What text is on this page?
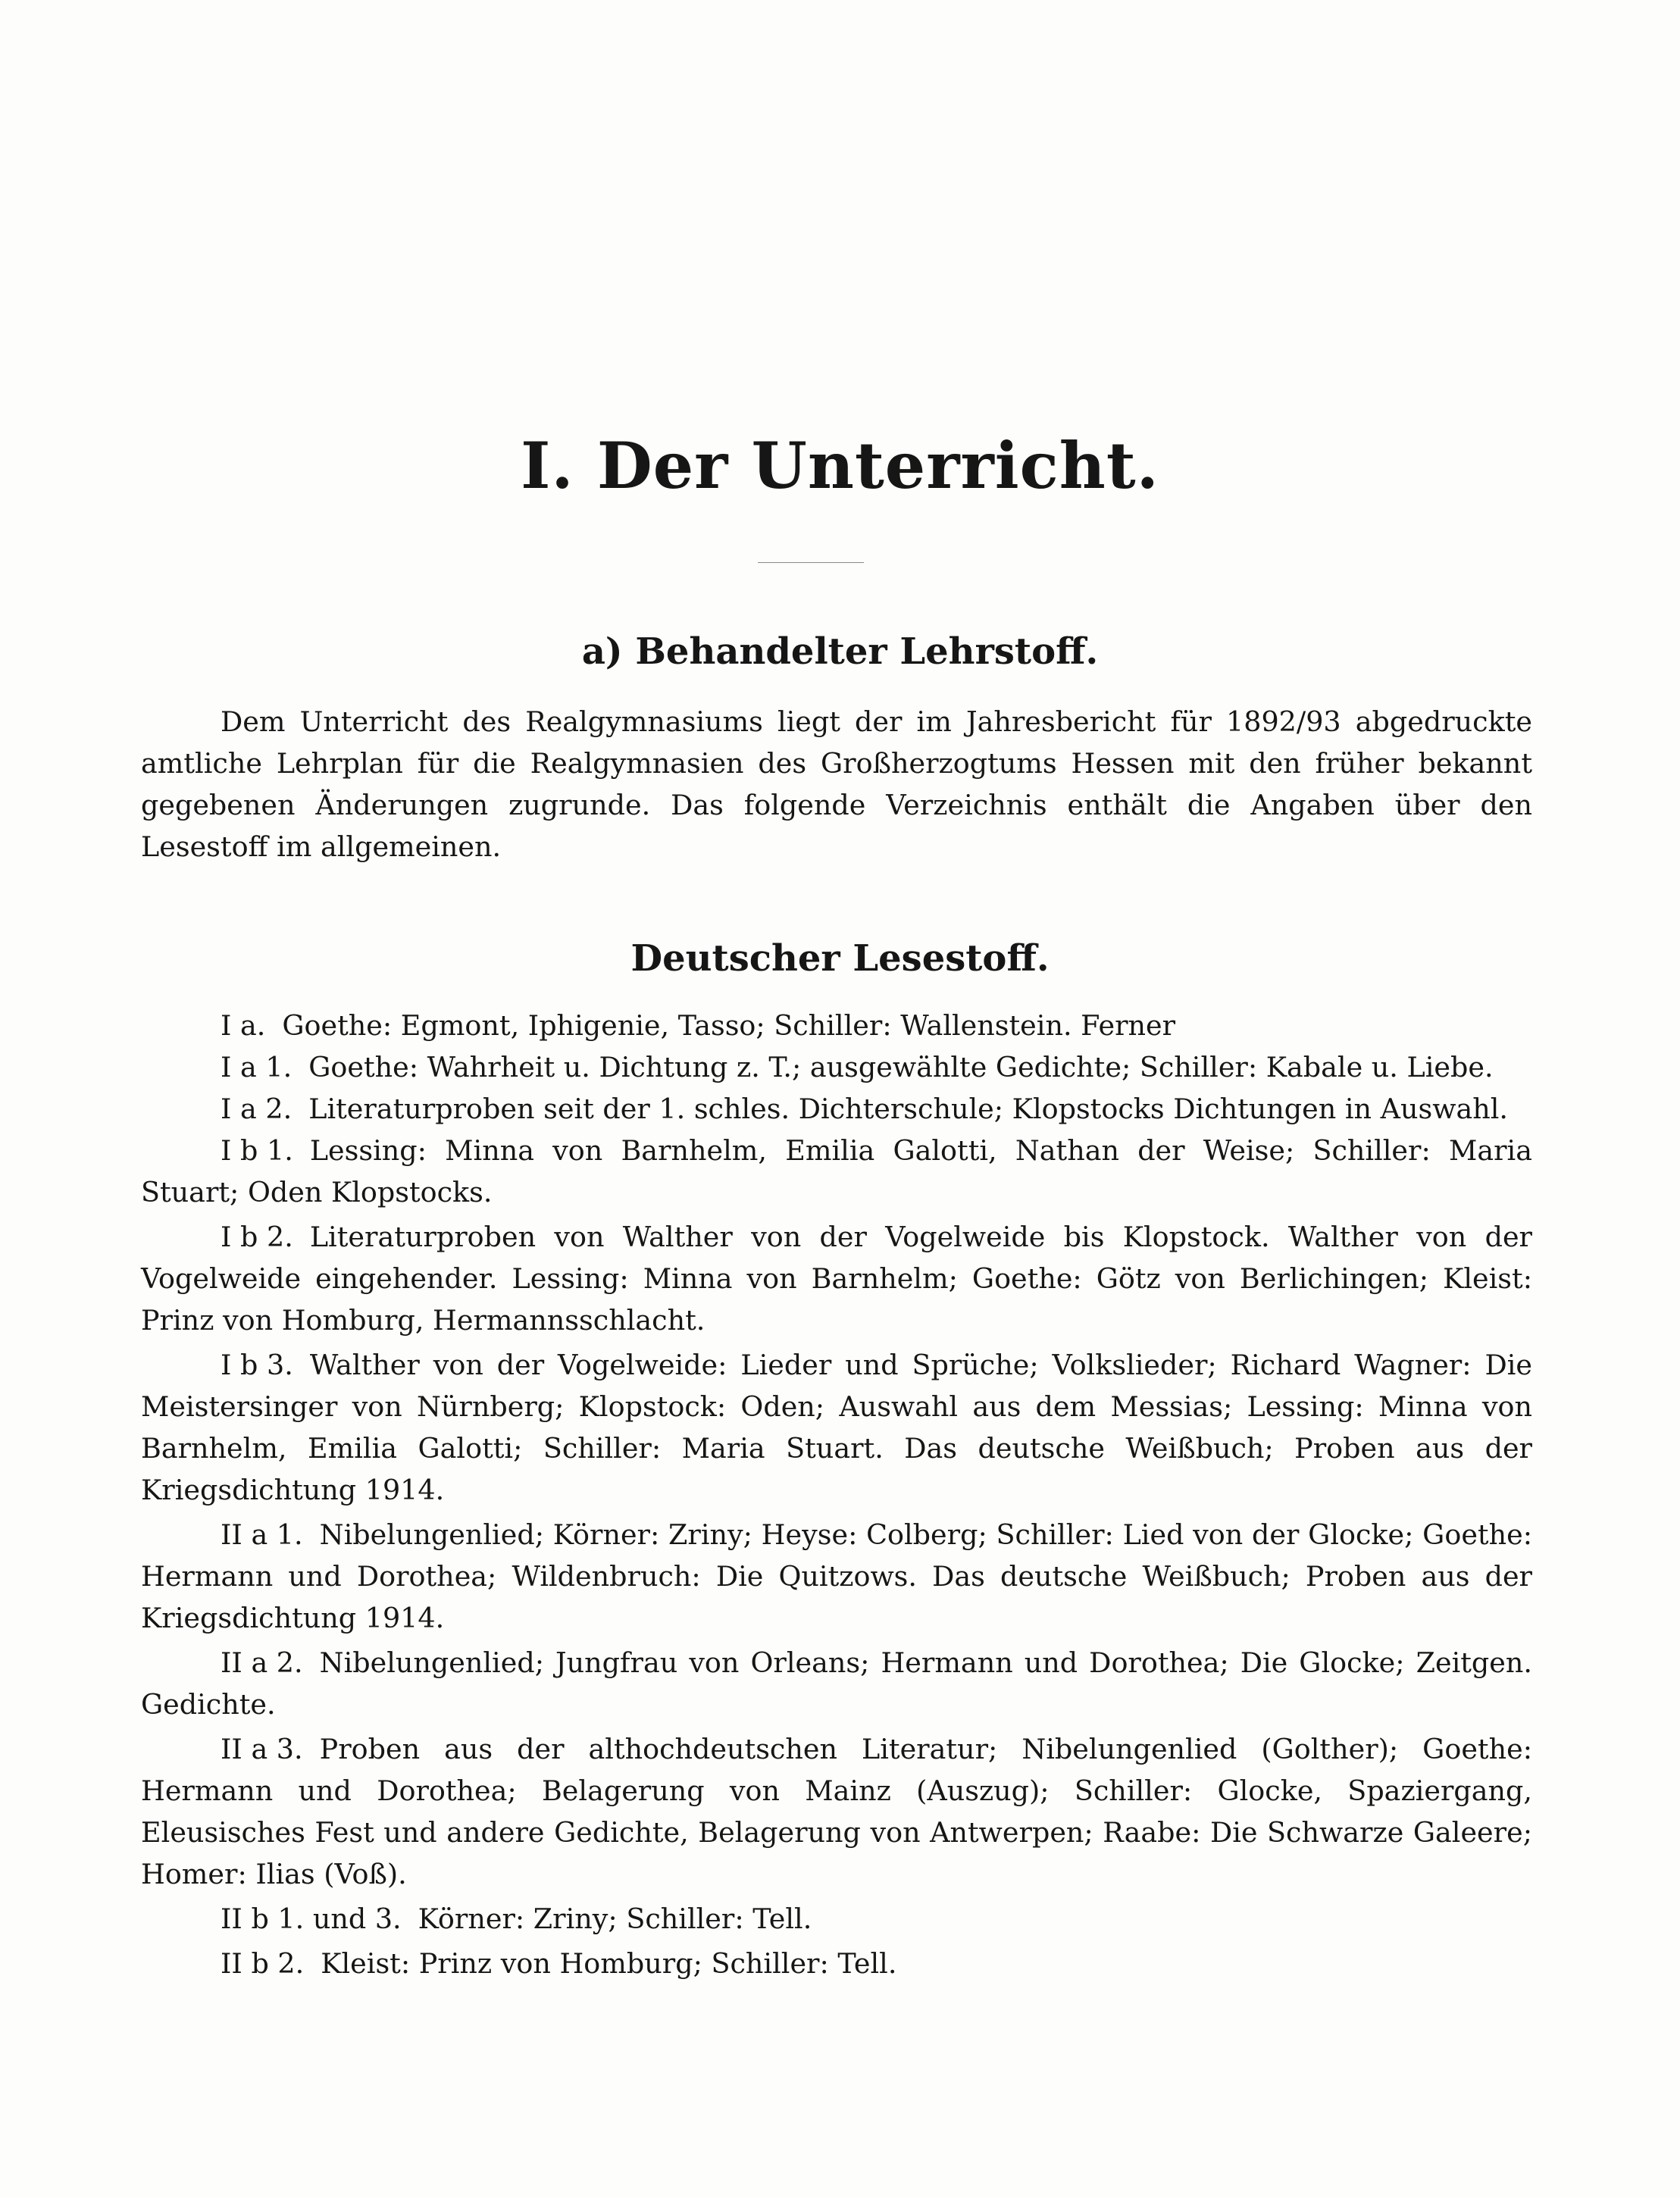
I. Der Unterricht.
a) Behandelter Lehrstoff.

Dem Unterricht des Realgymnasiums liegt der im Jahresbericht für 1892/93 abgedruckte amtliche Lehrplan für die Realgymnasien des Großherzogtums Hessen mit den früher bekannt gegebenen Änderungen zugrunde. Das folgende Verzeichnis enthält die Angaben über den Lesestoff im allgemeinen.

Deutscher Lesestoff.

I a. Goethe: Egmont, Iphigenie, Tasso; Schiller: Wallenstein. Ferner

I a 1. Goethe: Wahrheit u. Dichtung z. T.; ausgewählte Gedichte; Schiller: Kabale u. Liebe.

I a 2. Literaturproben seit der 1. schles. Dichterschule; Klopstocks Dichtungen in Auswahl.

I b 1. Lessing: Minna von Barnhelm, Emilia Galotti, Nathan der Weise; Schiller: Maria Stuart; Oden Klopstocks.

I b 2. Literaturproben von Walther von der Vogelweide bis Klopstock. Walther von der Vogelweide eingehender. Lessing: Minna von Barnhelm; Goethe: Götz von Berlichingen; Kleist: Prinz von Homburg, Hermannsschlacht.

I b 3. Walther von der Vogelweide: Lieder und Sprüche; Volkslieder; Richard Wagner: Die Meistersinger von Nürnberg; Klopstock: Oden; Auswahl aus dem Messias; Lessing: Minna von Barnhelm, Emilia Galotti; Schiller: Maria Stuart. Das deutsche Weißbuch; Proben aus der Kriegsdichtung 1914.

II a 1. Nibelungenlied; Körner: Zriny; Heyse: Colberg; Schiller: Lied von der Glocke; Goethe: Hermann und Dorothea; Wildenbruch: Die Quitzows. Das deutsche Weißbuch; Proben aus der Kriegsdichtung 1914.

II a 2. Nibelungenlied; Jungfrau von Orleans; Hermann und Dorothea; Die Glocke; Zeitgen. Gedichte.

II a 3. Proben aus der althochdeutschen Literatur; Nibelungenlied (Golther); Goethe: Hermann und Dorothea; Belagerung von Mainz (Auszug); Schiller: Glocke, Spaziergang, Eleusisches Fest und andere Gedichte, Belagerung von Antwerpen; Raabe: Die Schwarze Galeere; Homer: Ilias (Voß).

II b 1. und 3. Körner: Zriny; Schiller: Tell.

II b 2. Kleist: Prinz von Homburg; Schiller: Tell.
